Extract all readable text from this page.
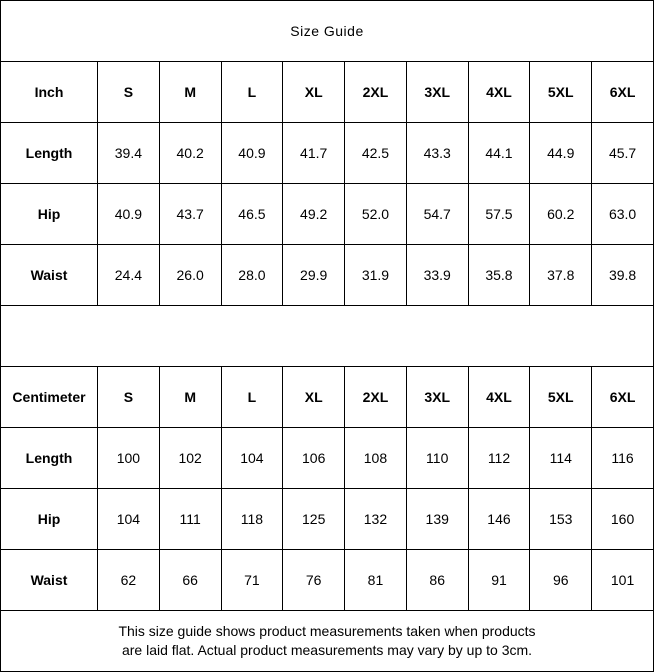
Size Guide									
Inch	S	M	L	XL	2XL	3XL	4XL	5XL	6XL
Length	39.4	40.2	40.9	41.7	42.5	43.3	44.1	44.9	45.7
Hip	40.9	43.7	46.5	49.2	52.0	54.7	57.5	60.2	63.0
Waist	24.4	26.0	28.0	29.9	31.9	33.9	35.8	37.8	39.8

Centimeter	S	M	L	XL	2XL	3XL	4XL	5XL	6XL
Length	100	102	104	106	108	110	112	114	116
Hip	104	111	118	125	132	139	146	153	160
Waist	62	66	71	76	81	86	91	96	101

This size guide shows product measurements taken when products
are laid flat. Actual product measurements may vary by up to 3cm.									
